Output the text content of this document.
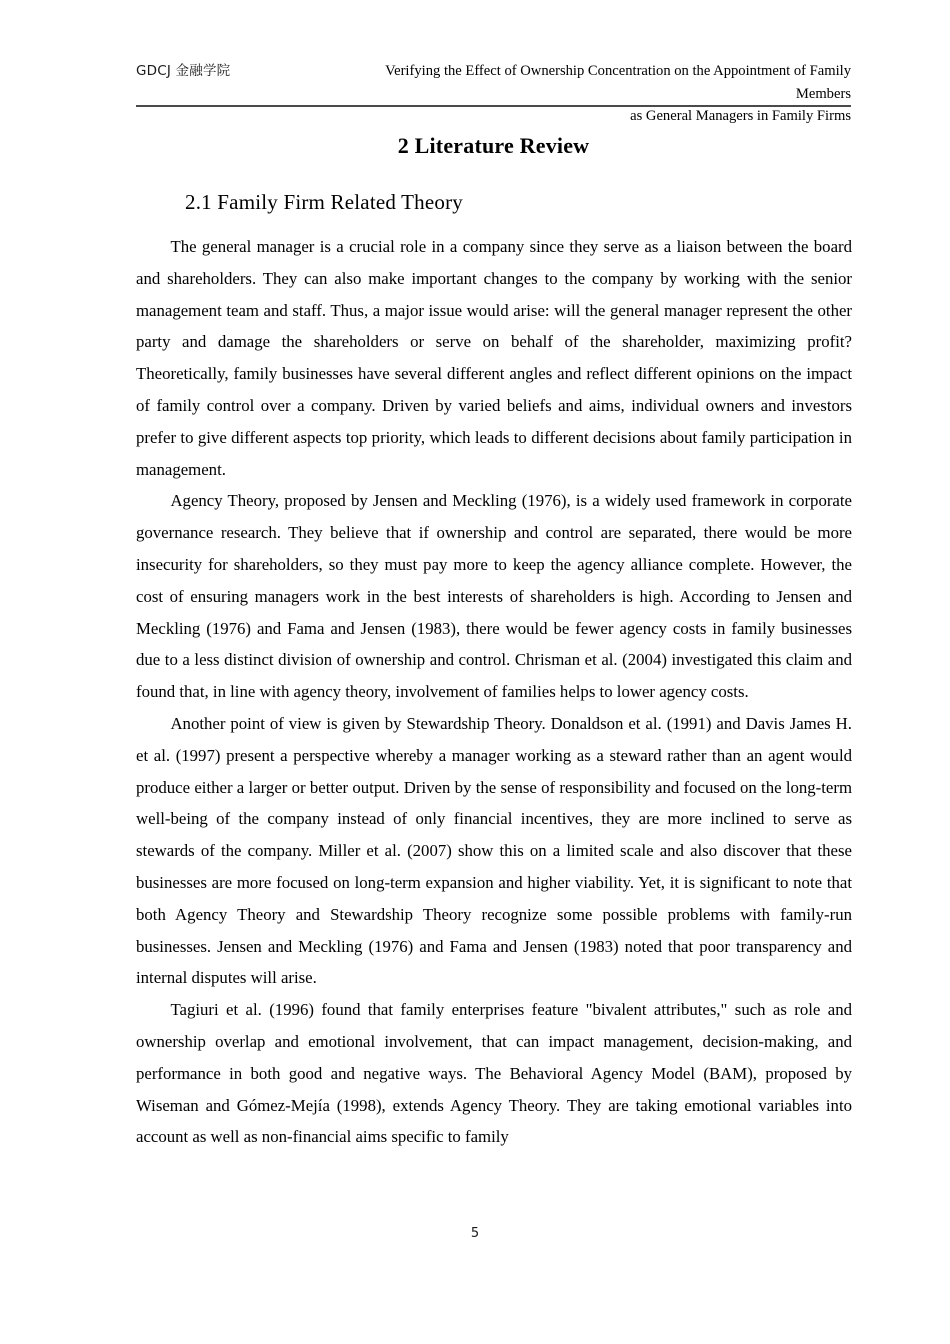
GDCJ 金融学院	Verifying the Effect of Ownership Concentration on the Appointment of Family Members
as General Managers in Family Firms
2 Literature Review
2.1 Family Firm Related Theory

The general manager is a crucial role in a company since they serve as a liaison between the board and shareholders. They can also make important changes to the company by working with the senior management team and staff. Thus, a major issue would arise: will the general manager represent the other party and damage the shareholders or serve on behalf of the shareholder, maximizing profit? Theoretically, family businesses have several different angles and reflect different opinions on the impact of family control over a company. Driven by varied beliefs and aims, individual owners and investors prefer to give different aspects top priority, which leads to different decisions about family participation in management.

Agency Theory, proposed by Jensen and Meckling (1976), is a widely used framework in corporate governance research. They believe that if ownership and control are separated, there would be more insecurity for shareholders, so they must pay more to keep the agency alliance complete. However, the cost of ensuring managers work in the best interests of shareholders is high. According to Jensen and Meckling (1976) and Fama and Jensen (1983), there would be fewer agency costs in family businesses due to a less distinct division of ownership and control. Chrisman et al. (2004) investigated this claim and found that, in line with agency theory, involvement of families helps to lower agency costs.

Another point of view is given by Stewardship Theory. Donaldson et al. (1991) and Davis James H. et al. (1997) present a perspective whereby a manager working as a steward rather than an agent would produce either a larger or better output. Driven by the sense of responsibility and focused on the long-term well-being of the company instead of only financial incentives, they are more inclined to serve as stewards of the company. Miller et al. (2007) show this on a limited scale and also discover that these businesses are more focused on long-term expansion and higher viability. Yet, it is significant to note that both Agency Theory and Stewardship Theory recognize some possible problems with family-run businesses. Jensen and Meckling (1976) and Fama and Jensen (1983) noted that poor transparency and internal disputes will arise.

Tagiuri et al. (1996) found that family enterprises feature "bivalent attributes," such as role and ownership overlap and emotional involvement, that can impact management, decision-making, and performance in both good and negative ways. The Behavioral Agency Model (BAM), proposed by Wiseman and Gómez-Mejía (1998), extends Agency Theory. They are taking emotional variables into account as well as non-financial aims specific to family

5
